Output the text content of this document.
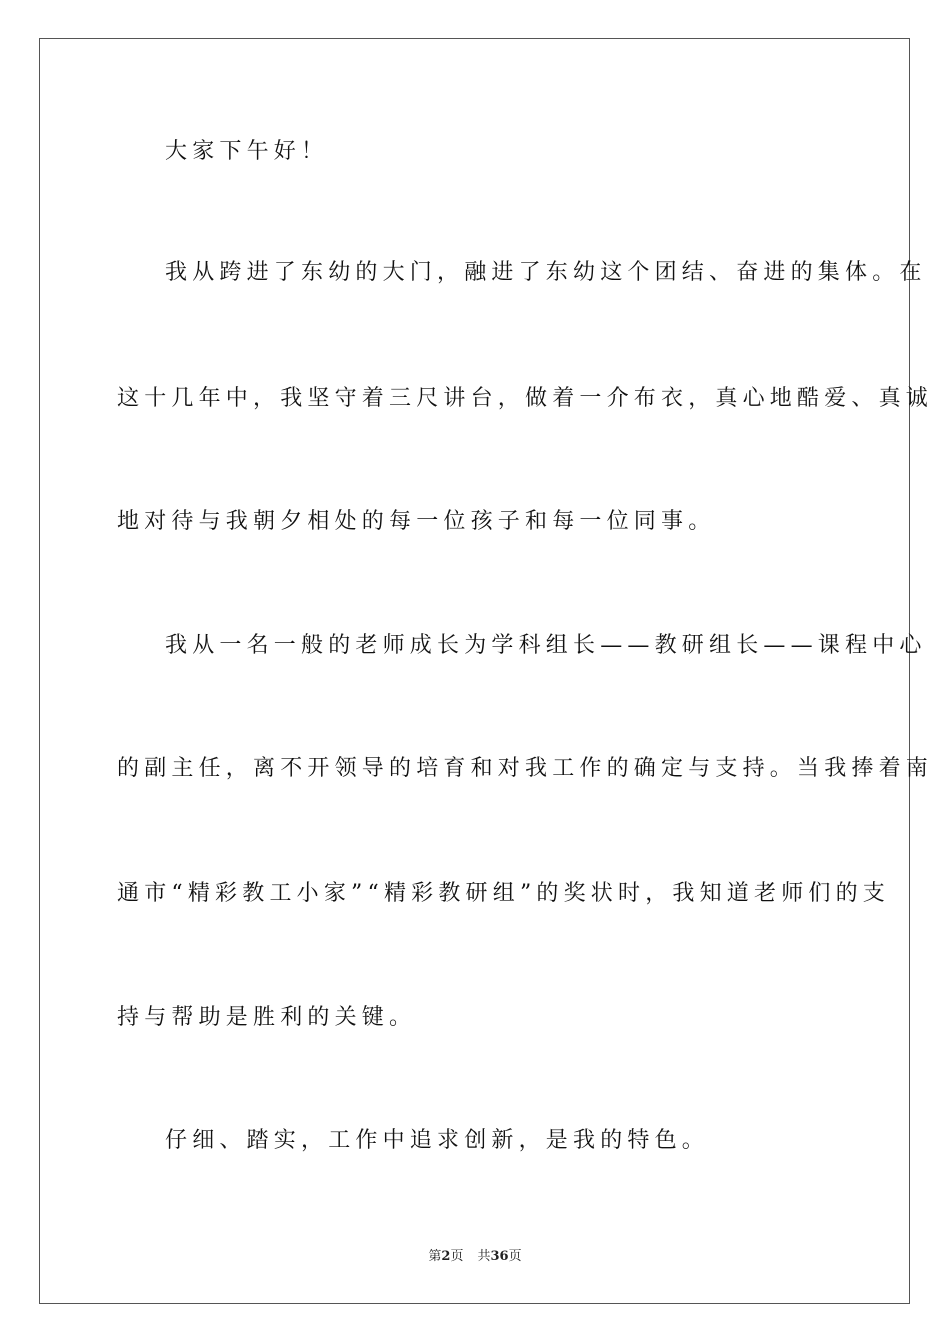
大家下午好！
我从跨进了东幼的大门，融进了东幼这个团结、奋进的集体。在
这十几年中，我坚守着三尺讲台，做着一介布衣，真心地酷爱、真诚
地对待与我朝夕相处的每一位孩子和每一位同事。
我从一名一般的老师成长为学科组长——教研组长——课程中心
的副主任，离不开领导的培育和对我工作的确定与支持。当我捧着南
通市“精彩教工小家”“精彩教研组”的奖状时，我知道老师们的支
持与帮助是胜利的关键。
仔细、踏实，工作中追求创新，是我的特色。
第2页 共36页
